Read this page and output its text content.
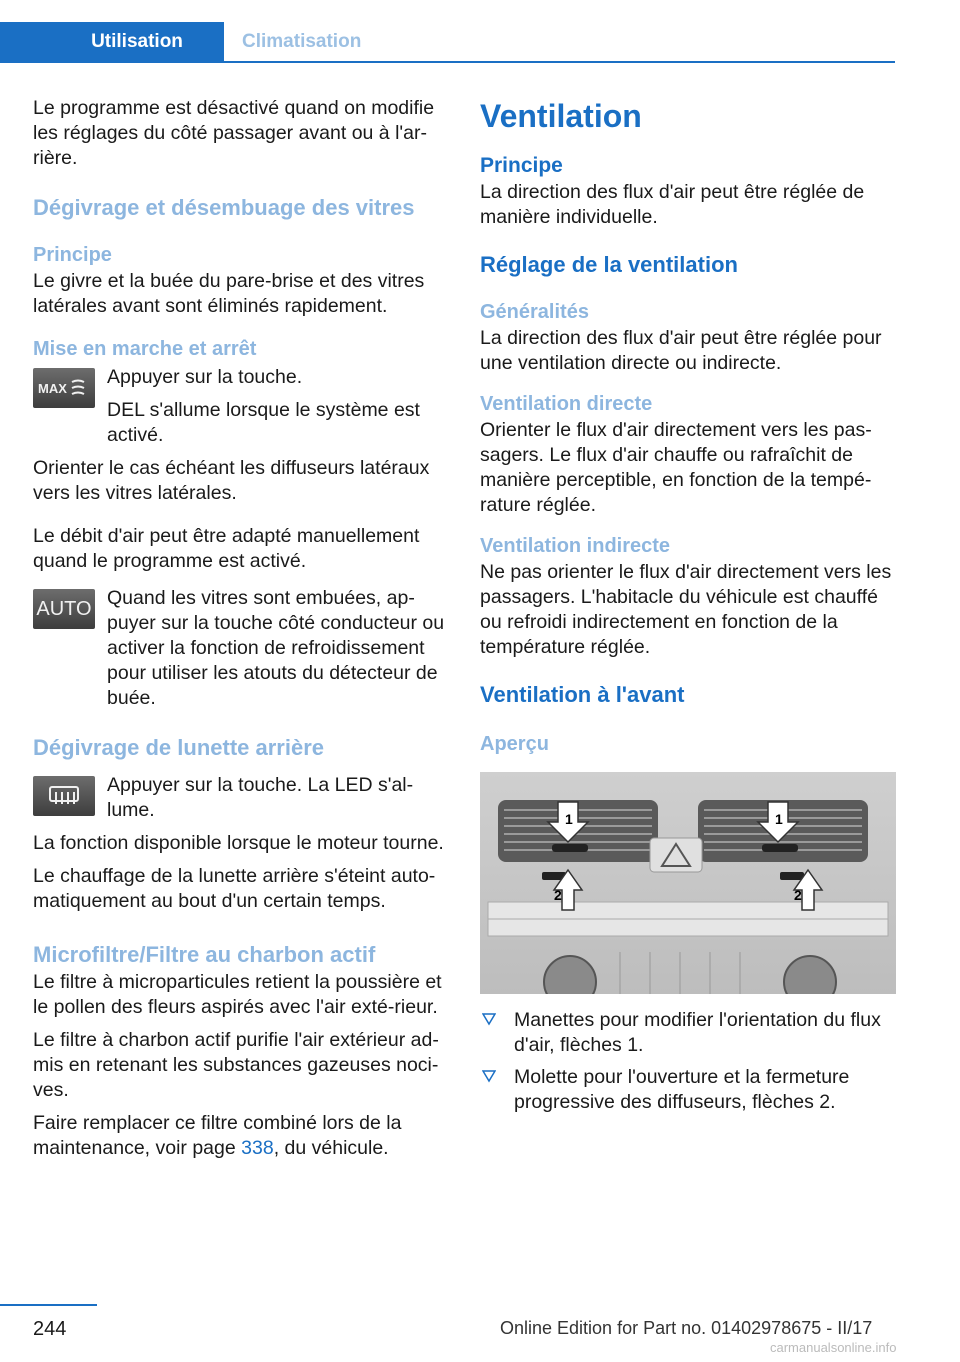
Utilisation	Climatisation

Le programme est désactivé quand on modifie les réglages du côté passager avant ou à l'ar-rière.

Dégivrage et désembuage des vitres
Principe

Le givre et la buée du pare-brise et des vitres latérales avant sont éliminés rapidement.

Mise en marche et arrêt
MAX

Appuyer sur la touche.

DEL s'allume lorsque le système est activé.

Orienter le cas échéant les diffuseurs latéraux vers les vitres latérales.

Le débit d'air peut être adapté manuellement quand le programme est activé.

AUTO Quand les vitres sont embuées, ap-puyer sur la touche côté conducteur ou activer la fonction de refroidissement pour utiliser les atouts du détecteur de buée.

Dégivrage de lunette arrière

Appuyer sur la touche. La LED s'al-lume.

La fonction disponible lorsque le moteur tourne.

Le chauffage de la lunette arrière s'éteint auto-matiquement au bout d'un certain temps.

Microfiltre/Filtre au charbon actif

Le filtre à microparticules retient la poussière et le pollen des fleurs aspirés avec l'air exté-rieur.

Le filtre à charbon actif purifie l'air extérieur ad-mis en retenant les substances gazeuses noci-ves.

Faire remplacer ce filtre combiné lors de la maintenance, voir page 338, du véhicule.

Ventilation
Principe

La direction des flux d'air peut être réglée de manière individuelle.

Réglage de la ventilation
Généralités

La direction des flux d'air peut être réglée pour une ventilation directe ou indirecte.

Ventilation directe

Orienter le flux d'air directement vers les pas-sagers. Le flux d'air chauffe ou rafraîchit de manière perceptible, en fonction de la tempé-rature réglée.

Ventilation indirecte

Ne pas orienter le flux d'air directement vers les passagers. L'habitacle du véhicule est chauffé ou refroidi indirectement en fonction de la température réglée.

Ventilation à l'avant
Aperçu
1	1
2	2
Manettes pour modifier l'orientation du flux d'air, flèches 1.
Molette pour l'ouverture et la fermeture progressive des diffuseurs, flèches 2.
244	Online Edition for Part no. 01402978675 - II/17
carmanualsonline.info
